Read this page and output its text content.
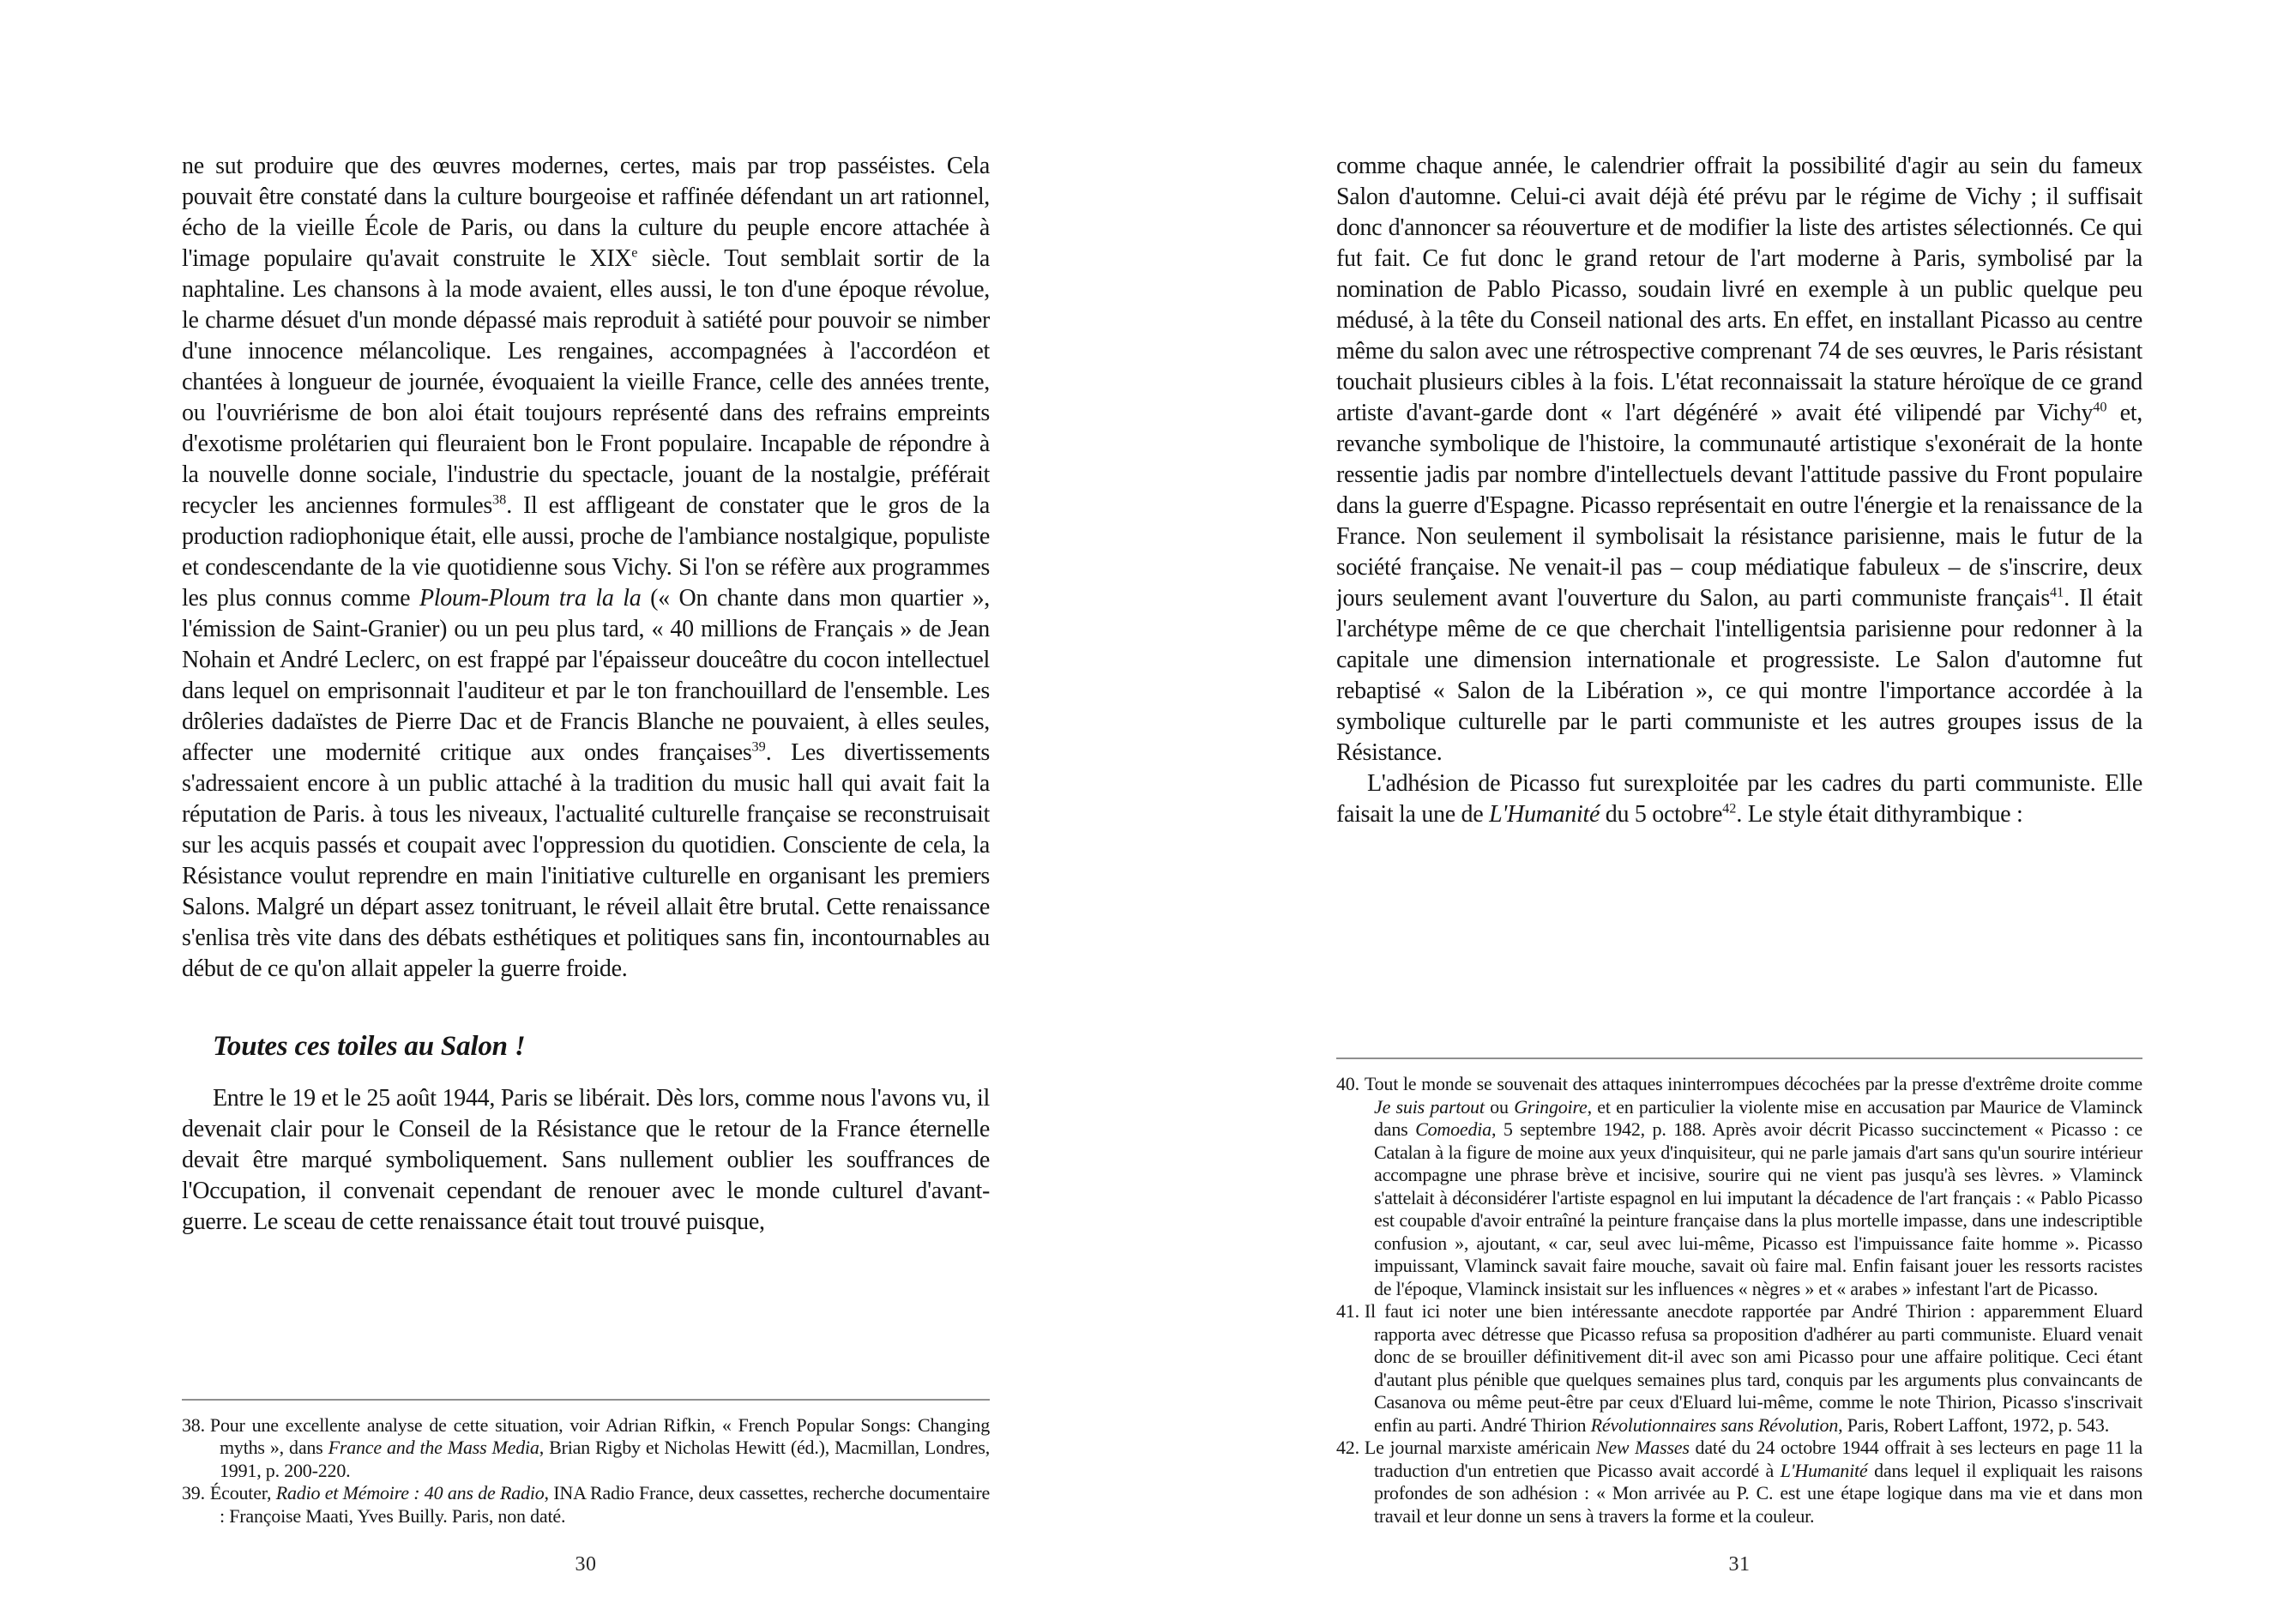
ne sut produire que des œuvres modernes, certes, mais par trop passéistes. Cela pouvait être constaté dans la culture bourgeoise et raffinée défendant un art rationnel, écho de la vieille École de Paris, ou dans la culture du peuple encore attachée à l'image populaire qu'avait construite le XIXe siècle. Tout semblait sortir de la naphtaline. Les chansons à la mode avaient, elles aussi, le ton d'une époque révolue, le charme désuet d'un monde dépassé mais reproduit à satiété pour pouvoir se nimber d'une innocence mélancolique. Les rengaines, accompagnées à l'accordéon et chantées à longueur de journée, évoquaient la vieille France, celle des années trente, ou l'ouvriérisme de bon aloi était toujours représenté dans des refrains empreints d'exotisme prolétarien qui fleuraient bon le Front populaire. Incapable de répondre à la nouvelle donne sociale, l'industrie du spectacle, jouant de la nostalgie, préférait recycler les anciennes formules$^{38}$. Il est affligeant de constater que le gros de la production radiophonique était, elle aussi, proche de l'ambiance nostalgique, populiste et condescendante de la vie quotidienne sous Vichy. Si l'on se réfère aux programmes les plus connus comme Ploum-Ploum tra la la (« On chante dans mon quartier », l'émission de Saint-Granier) ou un peu plus tard, « 40 millions de Français » de Jean Nohain et André Leclerc, on est frappé par l'épaisseur douceâtre du cocon intellectuel dans lequel on emprisonnait l'auditeur et par le ton franchouillard de l'ensemble. Les drôleries dadaïstes de Pierre Dac et de Francis Blanche ne pouvaient, à elles seules, affecter une modernité critique aux ondes françaises$^{39}$. Les divertissements s'adressaient encore à un public attaché à la tradition du music hall qui avait fait la réputation de Paris. à tous les niveaux, l'actualité culturelle française se reconstruisait sur les acquis passés et coupait avec l'oppression du quotidien. Consciente de cela, la Résistance voulut reprendre en main l'initiative culturelle en organisant les premiers Salons. Malgré un départ assez tonitruant, le réveil allait être brutal. Cette renaissance s'enlisa très vite dans des débats esthétiques et politiques sans fin, incontournables au début de ce qu'on allait appeler la guerre froide.

Toutes ces toiles au Salon !

Entre le 19 et le 25 août 1944, Paris se libérait. Dès lors, comme nous l'avons vu, il devenait clair pour le Conseil de la Résistance que le retour de la France éternelle devait être marqué symboliquement. Sans nullement oublier les souffrances de l'Occupation, il convenait cependant de renouer avec le monde culturel d'avant-guerre. Le sceau de cette renaissance était tout trouvé puisque,

38. Pour une excellente analyse de cette situation, voir Adrian Rifkin, « French Popular Songs: Changing myths », dans France and the Mass Media, Brian Rigby et Nicholas Hewitt (éd.), Macmillan, Londres, 1991, p. 200-220.

39. Écouter, Radio et Mémoire : 40 ans de Radio, INA Radio France, deux cassettes, recherche documentaire : Françoise Maati, Yves Builly. Paris, non daté.

30

comme chaque année, le calendrier offrait la possibilité d'agir au sein du fameux Salon d'automne. Celui-ci avait déjà été prévu par le régime de Vichy ; il suffisait donc d'annoncer sa réouverture et de modifier la liste des artistes sélectionnés. Ce qui fut fait. Ce fut donc le grand retour de l'art moderne à Paris, symbolisé par la nomination de Pablo Picasso, soudain livré en exemple à un public quelque peu médusé, à la tête du Conseil national des arts. En effet, en installant Picasso au centre même du salon avec une rétrospective comprenant 74 de ses œuvres, le Paris résistant touchait plusieurs cibles à la fois. L'état reconnaissait la stature héroïque de ce grand artiste d'avant-garde dont « l'art dégénéré » avait été vilipendé par Vichy$^{40}$ et, revanche symbolique de l'histoire, la communauté artistique s'exonérait de la honte ressentie jadis par nombre d'intellectuels devant l'attitude passive du Front populaire dans la guerre d'Espagne. Picasso représentait en outre l'énergie et la renaissance de la France. Non seulement il symbolisait la résistance parisienne, mais le futur de la société française. Ne venait-il pas – coup médiatique fabuleux – de s'inscrire, deux jours seulement avant l'ouverture du Salon, au parti communiste français$^{41}$. Il était l'archétype même de ce que cherchait l'intelligentsia parisienne pour redonner à la capitale une dimension internationale et progressiste. Le Salon d'automne fut rebaptisé « Salon de la Libération », ce qui montre l'importance accordée à la symbolique culturelle par le parti communiste et les autres groupes issus de la Résistance.

L'adhésion de Picasso fut surexploitée par les cadres du parti communiste. Elle faisait la une de L'Humanité du 5 octobre$^{42}$. Le style était dithyrambique :

40. Tout le monde se souvenait des attaques ininterrompues décochées par la presse d'extrême droite comme Je suis partout ou Gringoire, et en particulier la violente mise en accusation par Maurice de Vlaminck dans Comoedia, 5 septembre 1942, p. 188. Après avoir décrit Picasso succinctement « Picasso : ce Catalan à la figure de moine aux yeux d'inquisiteur, qui ne parle jamais d'art sans qu'un sourire intérieur accompagne une phrase brève et incisive, sourire qui ne vient pas jusqu'à ses lèvres. » Vlaminck s'attelait à déconsidérer l'artiste espagnol en lui imputant la décadence de l'art français : « Pablo Picasso est coupable d'avoir entraîné la peinture française dans la plus mortelle impasse, dans une indescriptible confusion », ajoutant, « car, seul avec lui-même, Picasso est l'impuissance faite homme ». Picasso impuissant, Vlaminck savait faire mouche, savait où faire mal. Enfin faisant jouer les ressorts racistes de l'époque, Vlaminck insistait sur les influences « nègres » et « arabes » infestant l'art de Picasso.

41. Il faut ici noter une bien intéressante anecdote rapportée par André Thirion : apparemment Eluard rapporta avec détresse que Picasso refusa sa proposition d'adhérer au parti communiste. Eluard venait donc de se brouiller définitivement dit-il avec son ami Picasso pour une affaire politique. Ceci étant d'autant plus pénible que quelques semaines plus tard, conquis par les arguments plus convaincants de Casanova ou même peut-être par ceux d'Eluard lui-même, comme le note Thirion, Picasso s'inscrivait enfin au parti. André Thirion Révolutionnaires sans Révolution, Paris, Robert Laffont, 1972, p. 543.

42. Le journal marxiste américain New Masses daté du 24 octobre 1944 offrait à ses lecteurs en page 11 la traduction d'un entretien que Picasso avait accordé à L'Humanité dans lequel il expliquait les raisons profondes de son adhésion : « Mon arrivée au P. C. est une étape logique dans ma vie et dans mon travail et leur donne un sens à travers la forme et la couleur.

31
